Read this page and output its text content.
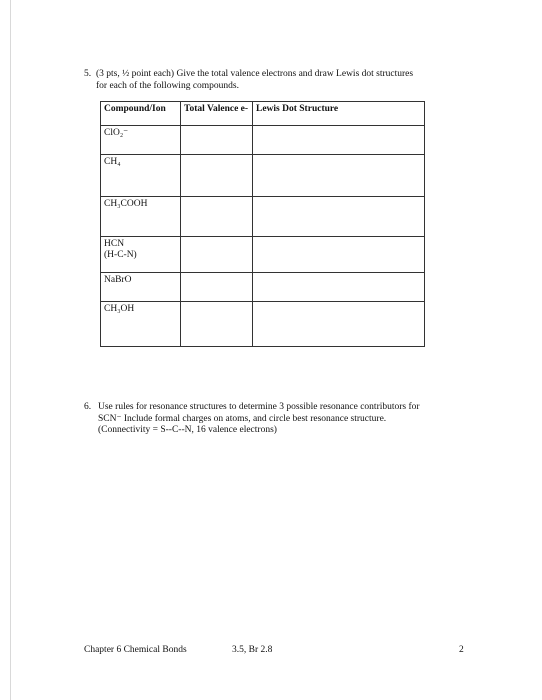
5. (3 pts, ½ point each) Give the total valence electrons and draw Lewis dot structures
for each of the following compounds.
Compound/Ion	Total Valence e-	Lewis Dot Structure

ClO₂⁻		

CH₄		

CH₃COOH		

HCN
(H-C-N)		

NaBrO		

CH₃OH		

6. Use rules for resonance structures to determine 3 possible resonance contributors for
SCN⁻ Include formal charges on atoms, and circle best resonance structure.
(Connectivity = S--C--N, 16 valence electrons)
Chapter 6 Chemical Bonds	3.5, Br 2.8	2
